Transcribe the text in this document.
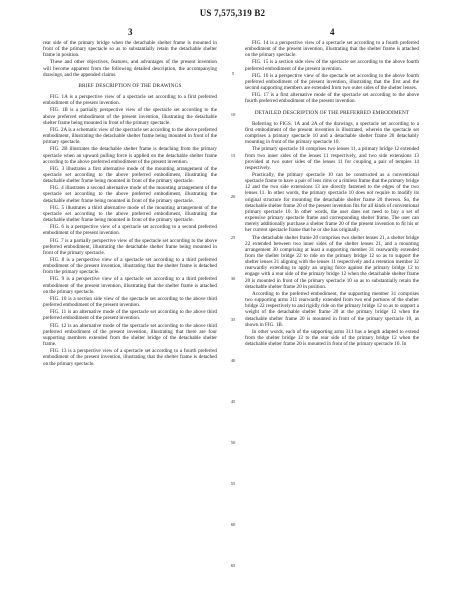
US 7,575,319 B2
3	4

rear side of the primary bridge when the detachable shelter frame is mounted in front of the primary spectacle so as to substantially retain the detachable shelter frame in position.

These and other objectives, features, and advantages of the present invention will become apparent from the following detailed description, the accompanying drawings, and the appended claims.

BRIEF DESCRIPTION OF THE DRAWINGS

FIG. 1A is a perspective view of a spectacle set according to a first preferred embodiment of the present invention.

FIG. 1B is a partially perspective view of the spectacle set according to the above preferred embodiment of the present invention, illustrating the detachable shelter frame being mounted in front of the primary spectacle.

FIG. 2A is a schematic view of the spectacle set according to the above preferred embodiment, illustrating the detachable shelter frame being mounted in front of the primary spectacle.

FIG. 2B illustrates the detachable shelter frame is detaching from the primary spectacle when an upward pulling force is applied on the detachable shelter frame according to the above preferred embodiment of the present invention.

FIG. 3 illustrates a first alternative mode of the mounting arrangement of the spectacle set according to the above preferred embodiment, illustrating the detachable shelter frame being mounted in front of the primary spectacle.

FIG. 4 illustrates a second alternative mode of the mounting arrangement of the spectacle set according to the above preferred embodiment, illustrating the detachable shelter frame being mounted in front of the primary spectacle.

FIG. 5 illustrates a third alternative mode of the mounting arrangement of the spectacle set according to the above preferred embodiment, illustrating the detachable shelter frame being mounted in front of the primary spectacle.

FIG. 6 is a perspective view of a spectacle set according to a second preferred embodiment of the present invention.

FIG. 7 is a partially perspective view of the spectacle set according to the above preferred embodiment, illustrating the detachable shelter frame being mounted in front of the primary spectacle.

FIG. 8 is a perspective view of a spectacle set according to a third preferred embodiment of the present invention, illustrating that the shelter frame is detached from the primary spectacle.

FIG. 9 is a perspective view of a spectacle set according to a third preferred embodiment of the present invention, illustrating that the shelter frame is attached on the primary spectacle.

FIG. 10 is a section side view of the spectacle set according to the above third preferred embodiment of the present invention.

FIG. 11 is an alternative mode of the spectacle set according to the above third preferred embodiment of the present invention.

FIG. 12 is an alternative mode of the spectacle set according to the above third preferred embodiment of the present invention, illustrating that there are four supporting members extended from the shelter bridge of the detachable shelter frame.

FIG. 13 is a perspective view of a spectacle set according to a fourth preferred embodiment of the present invention, illustrating that the shelter frame is detached on the primary spectacle.

5
10
15
20
25
30
35
40
45
50
55
60
65

FIG. 14 is a perspective view of a spectacle set according to a fourth preferred embodiment of the present invention, illustrating that the shelter frame is attached on the primary spectacle.

FIG. 15 is a section side view of the spectacle set according to the above fourth preferred embodiment of the present invention.

FIG. 16 is a perspective view of the spectacle set according to the above fourth preferred embodiment of the present invention, illustrating that the first and the second supporting members are extended from two outer sides of the shelter lenses.

FIG. 17 is a first alternative mode of the spectacle set according to the above fourth preferred embodiment of the present invention.

DETAILED DESCRIPTION OF THE PREFERRED EMBODIMENT

Referring to FIGS. 1A and 2A of the drawings, a spectacle set according to a first embodiment of the present invention is illustrated, wherein the spectacle set comprises a primary spectacle 10 and a detachable shelter frame 20 detachably mounting in front of the primary spectacle 10.

The primary spectacle 10 comprises two lenses 11, a primary bridge 12 extended from two inner sides of the lenses 11 respectively, and two side extensions 13 provided at two outer sides of the lenses 11 for coupling a pair of temples 14 respectively.

Practically, the primary spectacle 10 can be constructed as a conventional spectacle frame to have a pair of lens rims or a rimless frame that the primary bridge 12 and the two side extensions 13 are directly fastened to the edges of the two lenses 11. In other words, the primary spectacle 10 does not require to modify its original structure for mounting the detachable shelter frame 20 thereon. So, the detachable shelter frame 20 of the present invention fits for all kinds of conventional primary spectacle 10. In other words, the user does not need to buy a set of expensive primary spectacle frame and corresponding shelter frame. The user can merely additionally purchase a shelter frame 20 of the present invention to fit his or her current spectacle frame that he or she has originally.

The detachable shelter frame 20 comprises two shelter lenses 21, a shelter bridge 22 extended between two inner sides of the shelter lenses 21, and a mounting arrangement 30 comprising at least a supporting member 31 rearwardly extended from the shelter bridge 22 to ride on the primary bridge 12 so as to support the shelter lenses 21 aligning with the lenses 11 respectively and a retention member 32 rearwardly extending to apply an urging force against the primary bridge 12 to engage with a rear side of the primary bridge 12 when the detachable shelter frame 20 is mounted in front of the primary spectacle 10 so as to substantially retain the detachable shelter frame 20 in position.

According to the preferred embodiment, the supporting member 31 comprises two supporting arms 311 rearwardly extended from two end portions of the shelter bridge 22 respectively to and rigidly ride on the primary bridge 12 so as to support a weight of the detachable shelter frame 20 at the primary bridge 12 when the detachable shelter frame 20 is mounted in front of the primary spectacle 10, as shown in FIG. 1B.

In other words, each of the supporting arms 311 has a length adapted to extend from the shelter bridge 12 to the rear side of the primary bridge 12 when the detachable shelter frame 20 is mounted in front of the primary spectacle 10. In
